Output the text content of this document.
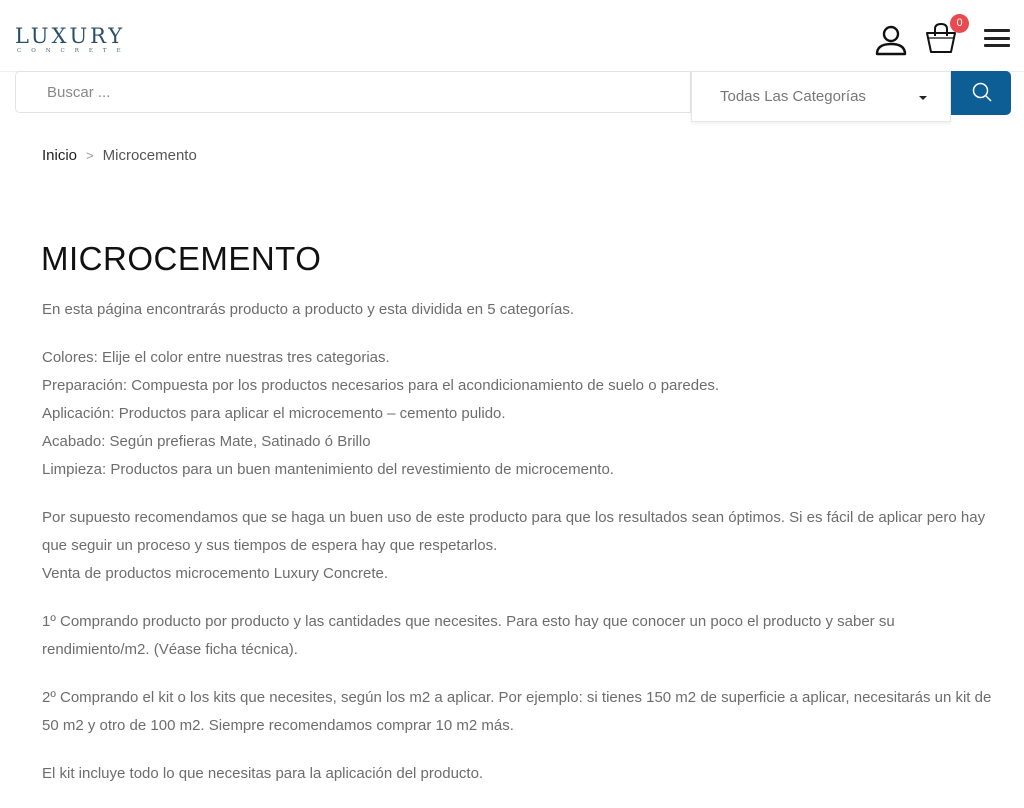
LUXURY
CONCRETE
0
Buscar ...	Todas Las Categorías
Inicio > Microcemento
MICROCEMENTO

En esta página encontrarás producto a producto y esta dividida en 5 categorías.

Colores: Elije el color entre nuestras tres categorias.
Preparación: Compuesta por los productos necesarios para el acondicionamiento de suelo o paredes.
Aplicación: Productos para aplicar el microcemento – cemento pulido.
Acabado: Según prefieras Mate, Satinado ó Brillo
Limpieza: Productos para un buen mantenimiento del revestimiento de microcemento.

Por supuesto recomendamos que se haga un buen uso de este producto para que los resultados sean óptimos. Si es fácil de aplicar pero hay que seguir un proceso y sus tiempos de espera hay que respetarlos.

Venta de productos microcemento Luxury Concrete.

1º Comprando producto por producto y las cantidades que necesites. Para esto hay que conocer un poco el producto y saber su rendimiento/m2. (Véase ficha técnica).

2º Comprando el kit o los kits que necesites, según los m2 a aplicar. Por ejemplo: si tienes 150 m2 de superficie a aplicar, necesitarás un kit de 50 m2 y otro de 100 m2. Siempre recomendamos comprar 10 m2 más.

El kit incluye todo lo que necesitas para la aplicación del producto.
